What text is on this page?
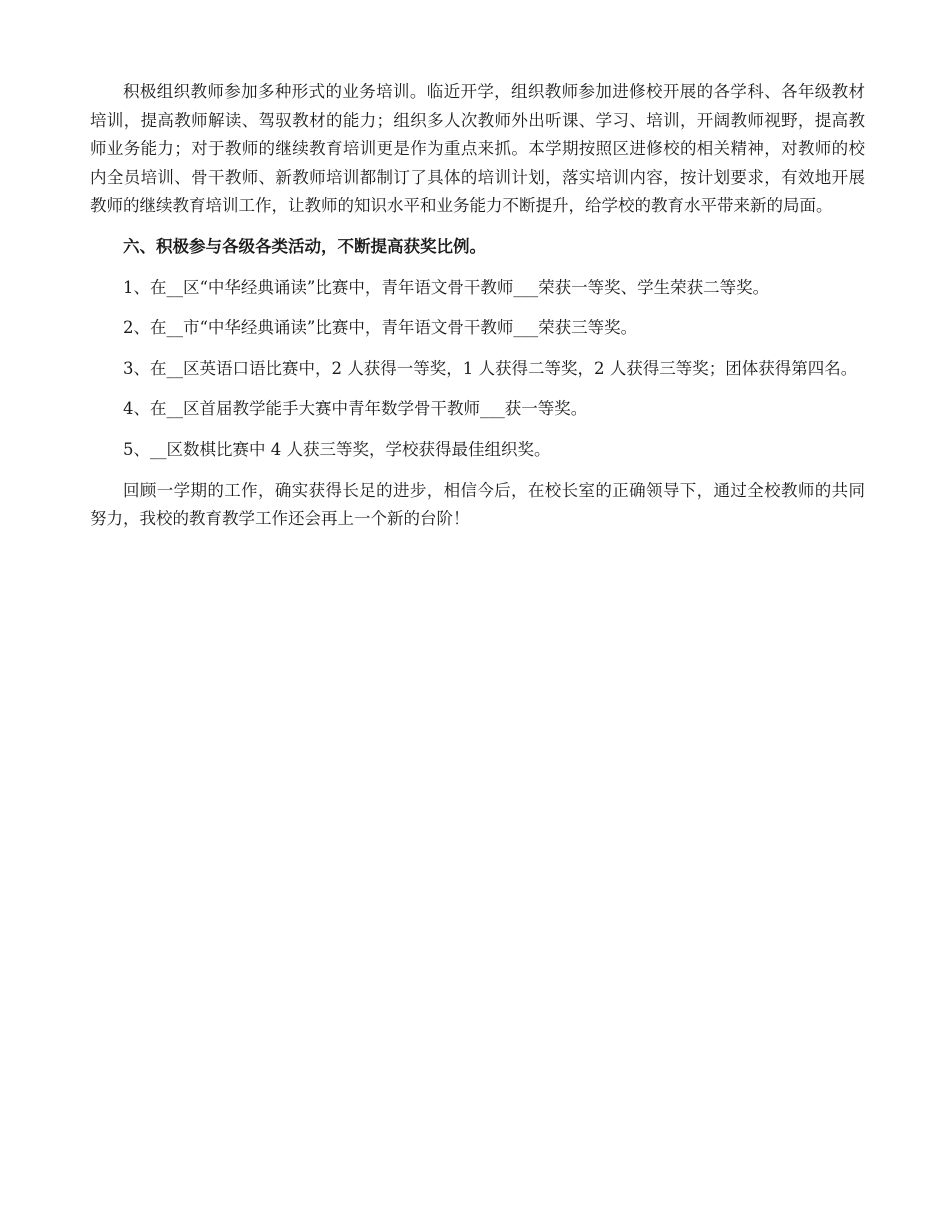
积极组织教师参加多种形式的业务培训。临近开学，组织教师参加进修校开展的各学科、各年级教材培训，提高教师解读、驾驭教材的能力；组织多人次教师外出听课、学习、培训，开阔教师视野，提高教师业务能力；对于教师的继续教育培训更是作为重点来抓。本学期按照区进修校的相关精神，对教师的校内全员培训、骨干教师、新教师培训都制订了具体的培训计划，落实培训内容，按计划要求，有效地开展教师的继续教育培训工作，让教师的知识水平和业务能力不断提升，给学校的教育水平带来新的局面。

六、积极参与各级各类活动，不断提高获奖比例。

1、在__区“中华经典诵读”比赛中，青年语文骨干教师___荣获一等奖、学生荣获二等奖。

2、在__市“中华经典诵读”比赛中，青年语文骨干教师___荣获三等奖。

3、在__区英语口语比赛中，2 人获得一等奖，1 人获得二等奖，2 人获得三等奖；团体获得第四名。

4、在__区首届教学能手大赛中青年数学骨干教师___获一等奖。

5、__区数棋比赛中 4 人获三等奖，学校获得最佳组织奖。

回顾一学期的工作，确实获得长足的进步，相信今后，在校长室的正确领导下，通过全校教师的共同努力，我校的教育教学工作还会再上一个新的台阶！
